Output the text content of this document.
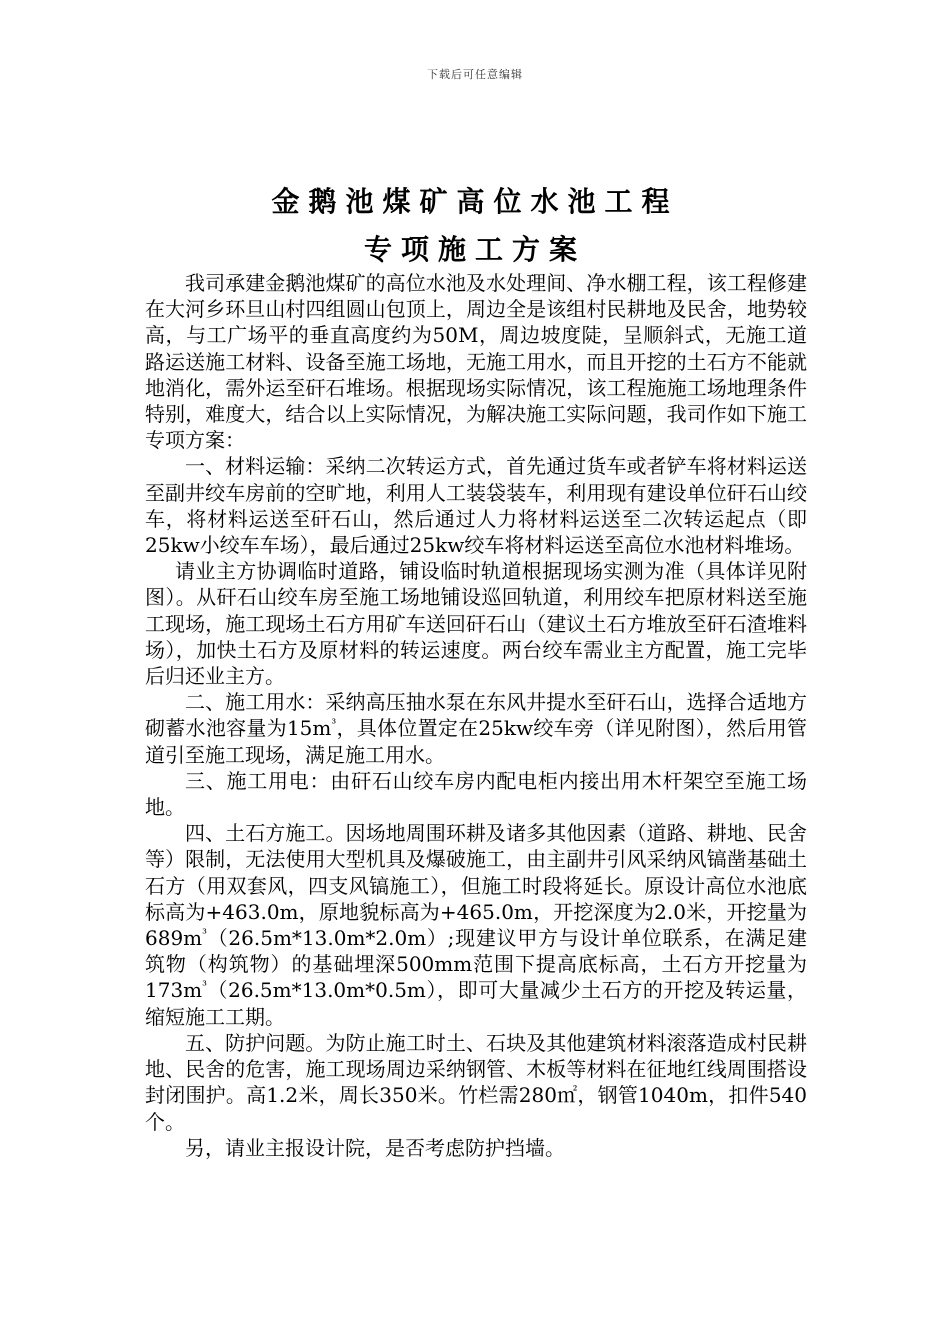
下载后可任意编辑
金鹅池煤矿高位水池工程
专项施工方案

我司承建金鹅池煤矿的高位水池及水处理间、净水棚工程，该工程修建在大河乡环旦山村四组圆山包顶上，周边全是该组村民耕地及民舍，地势较高，与工广场平的垂直高度约为50M，周边坡度陡，呈顺斜式，无施工道路运送施工材料、设备至施工场地，无施工用水，而且开挖的土石方不能就地消化，需外运至矸石堆场。根据现场实际情况，该工程施施工场地理条件特别，难度大，结合以上实际情况，为解决施工实际问题，我司作如下施工专项方案：

一、材料运输：采纳二次转运方式，首先通过货车或者铲车将材料运送至副井绞车房前的空旷地，利用人工装袋装车，利用现有建设单位矸石山绞车，将材料运送至矸石山，然后通过人力将材料运送至二次转运起点（即25kw小绞车车场），最后通过25kw绞车将材料运送至高位水池材料堆场。

请业主方协调临时道路，铺设临时轨道根据现场实测为准（具体详见附图）。从矸石山绞车房至施工场地铺设巡回轨道，利用绞车把原材料送至施工现场，施工现场土石方用矿车送回矸石山（建议土石方堆放至矸石渣堆料场），加快土石方及原材料的转运速度。两台绞车需业主方配置，施工完毕后归还业主方。

二、施工用水：采纳高压抽水泵在东风井提水至矸石山，选择合适地方砌蓄水池容量为$15m^{^3}$，具体位置定在25kw绞车旁（详见附图），然后用管道引至施工现场，满足施工用水。

三、施工用电：由矸石山绞车房内配电柜内接出用木杆架空至施工场地。

四、土石方施工。因场地周围环耕及诸多其他因素（道路、耕地、民舍等）限制，无法使用大型机具及爆破施工，由主副井引风采纳风镐凿基础土石方（用双套风，四支风镐施工），但施工时段将延长。原设计高位水池底标高为+463.0m，原地貌标高为+465.0m，开挖深度为2.0米，开挖量为$689m^{^3}(26.5m*13.0m*2.0m)$;现建议甲方与设计单位联系，在满足建筑物（构筑物）的基础埋深500mm范围下提高底标高，土石方开挖量为$173m^{^3}(26.5m*13.0m*0.5m)$，即可大量减少土石方的开挖及转运量，缩短施工工期。

五、防护问题。为防止施工时土、石块及其他建筑材料滚落造成村民耕地、民舍的危害，施工现场周边采纳钢管、木板等材料在征地红线周围搭设封闭围护。高1.2米，周长350米。竹栏需280㎡，钢管1040m，扣件540个。

另，请业主报设计院，是否考虑防护挡墙。
